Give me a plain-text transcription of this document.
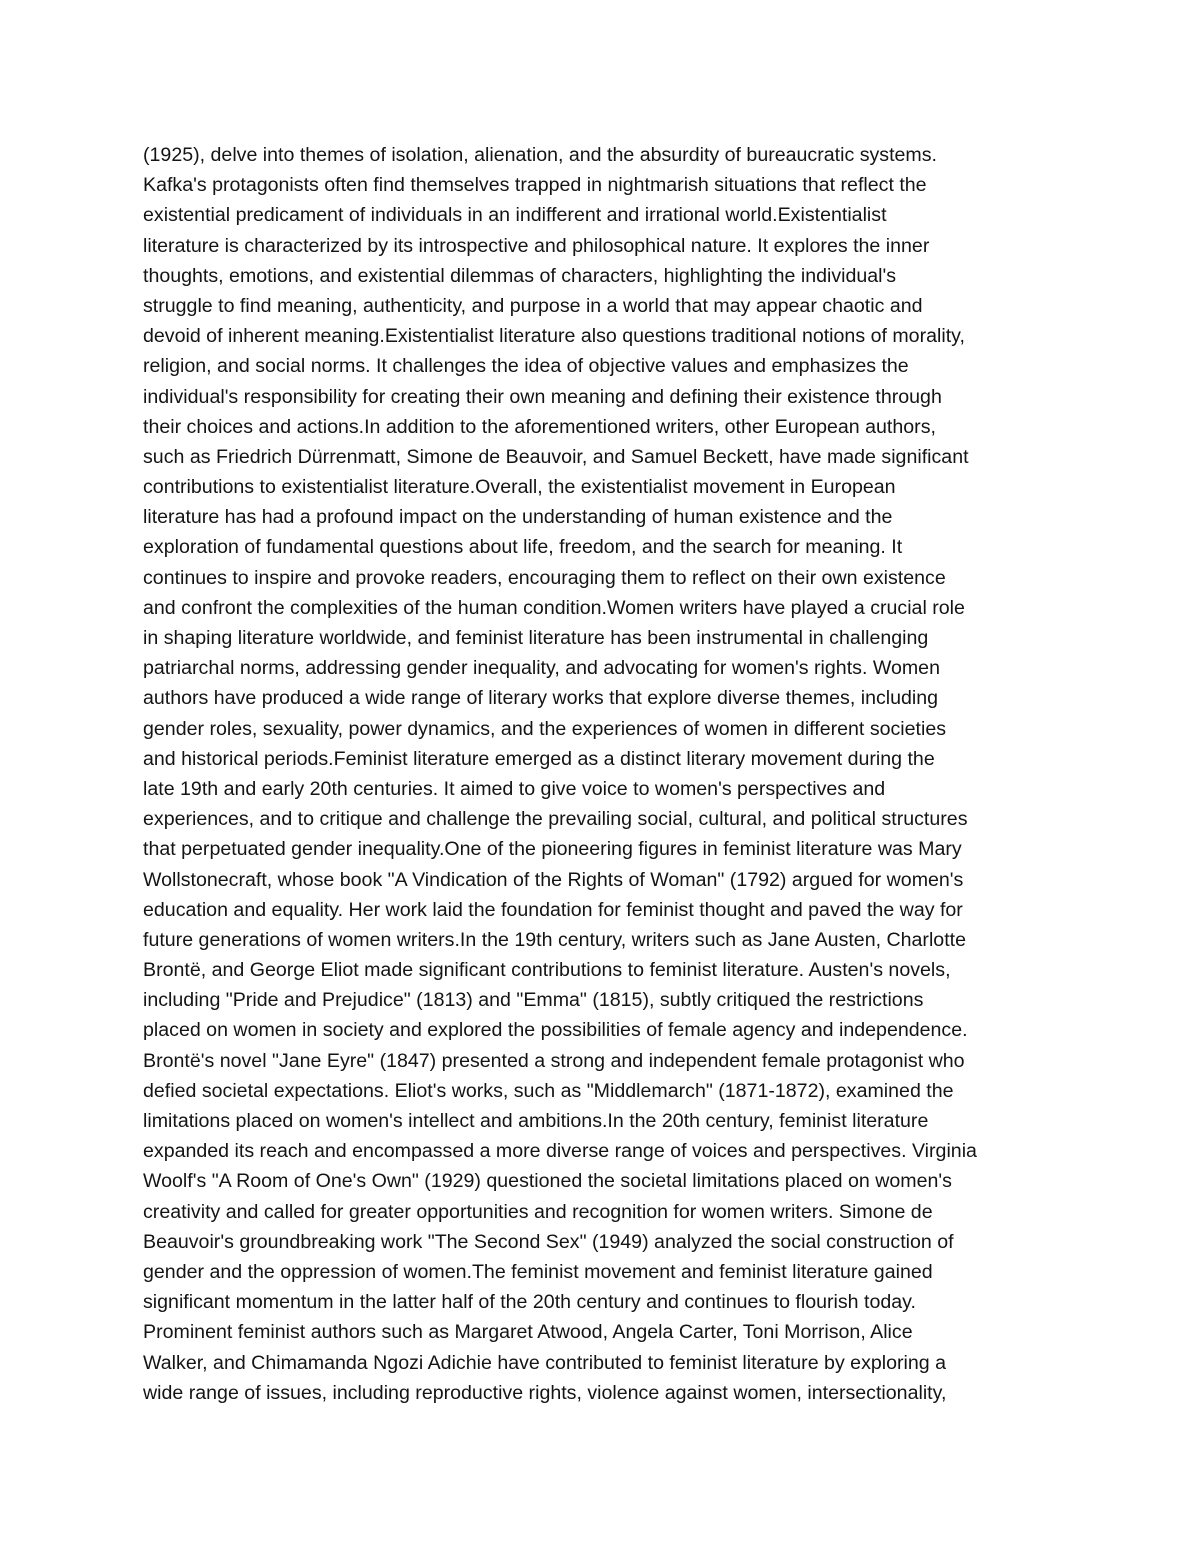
(1925), delve into themes of isolation, alienation, and the absurdity of bureaucratic systems.
Kafka's protagonists often find themselves trapped in nightmarish situations that reflect the
existential predicament of individuals in an indifferent and irrational world.Existentialist
literature is characterized by its introspective and philosophical nature. It explores the inner
thoughts, emotions, and existential dilemmas of characters, highlighting the individual's
struggle to find meaning, authenticity, and purpose in a world that may appear chaotic and
devoid of inherent meaning.Existentialist literature also questions traditional notions of morality,
religion, and social norms. It challenges the idea of objective values and emphasizes the
individual's responsibility for creating their own meaning and defining their existence through
their choices and actions.In addition to the aforementioned writers, other European authors,
such as Friedrich Dürrenmatt, Simone de Beauvoir, and Samuel Beckett, have made significant
contributions to existentialist literature.Overall, the existentialist movement in European
literature has had a profound impact on the understanding of human existence and the
exploration of fundamental questions about life, freedom, and the search for meaning. It
continues to inspire and provoke readers, encouraging them to reflect on their own existence
and confront the complexities of the human condition.Women writers have played a crucial role
in shaping literature worldwide, and feminist literature has been instrumental in challenging
patriarchal norms, addressing gender inequality, and advocating for women's rights. Women
authors have produced a wide range of literary works that explore diverse themes, including
gender roles, sexuality, power dynamics, and the experiences of women in different societies
and historical periods.Feminist literature emerged as a distinct literary movement during the
late 19th and early 20th centuries. It aimed to give voice to women's perspectives and
experiences, and to critique and challenge the prevailing social, cultural, and political structures
that perpetuated gender inequality.One of the pioneering figures in feminist literature was Mary
Wollstonecraft, whose book "A Vindication of the Rights of Woman" (1792) argued for women's
education and equality. Her work laid the foundation for feminist thought and paved the way for
future generations of women writers.In the 19th century, writers such as Jane Austen, Charlotte
Brontë, and George Eliot made significant contributions to feminist literature. Austen's novels,
including "Pride and Prejudice" (1813) and "Emma" (1815), subtly critiqued the restrictions
placed on women in society and explored the possibilities of female agency and independence.
Brontë's novel "Jane Eyre" (1847) presented a strong and independent female protagonist who
defied societal expectations. Eliot's works, such as "Middlemarch" (1871-1872), examined the
limitations placed on women's intellect and ambitions.In the 20th century, feminist literature
expanded its reach and encompassed a more diverse range of voices and perspectives. Virginia
Woolf's "A Room of One's Own" (1929) questioned the societal limitations placed on women's
creativity and called for greater opportunities and recognition for women writers. Simone de
Beauvoir's groundbreaking work "The Second Sex" (1949) analyzed the social construction of
gender and the oppression of women.The feminist movement and feminist literature gained
significant momentum in the latter half of the 20th century and continues to flourish today.
Prominent feminist authors such as Margaret Atwood, Angela Carter, Toni Morrison, Alice
Walker, and Chimamanda Ngozi Adichie have contributed to feminist literature by exploring a
wide range of issues, including reproductive rights, violence against women, intersectionality,
